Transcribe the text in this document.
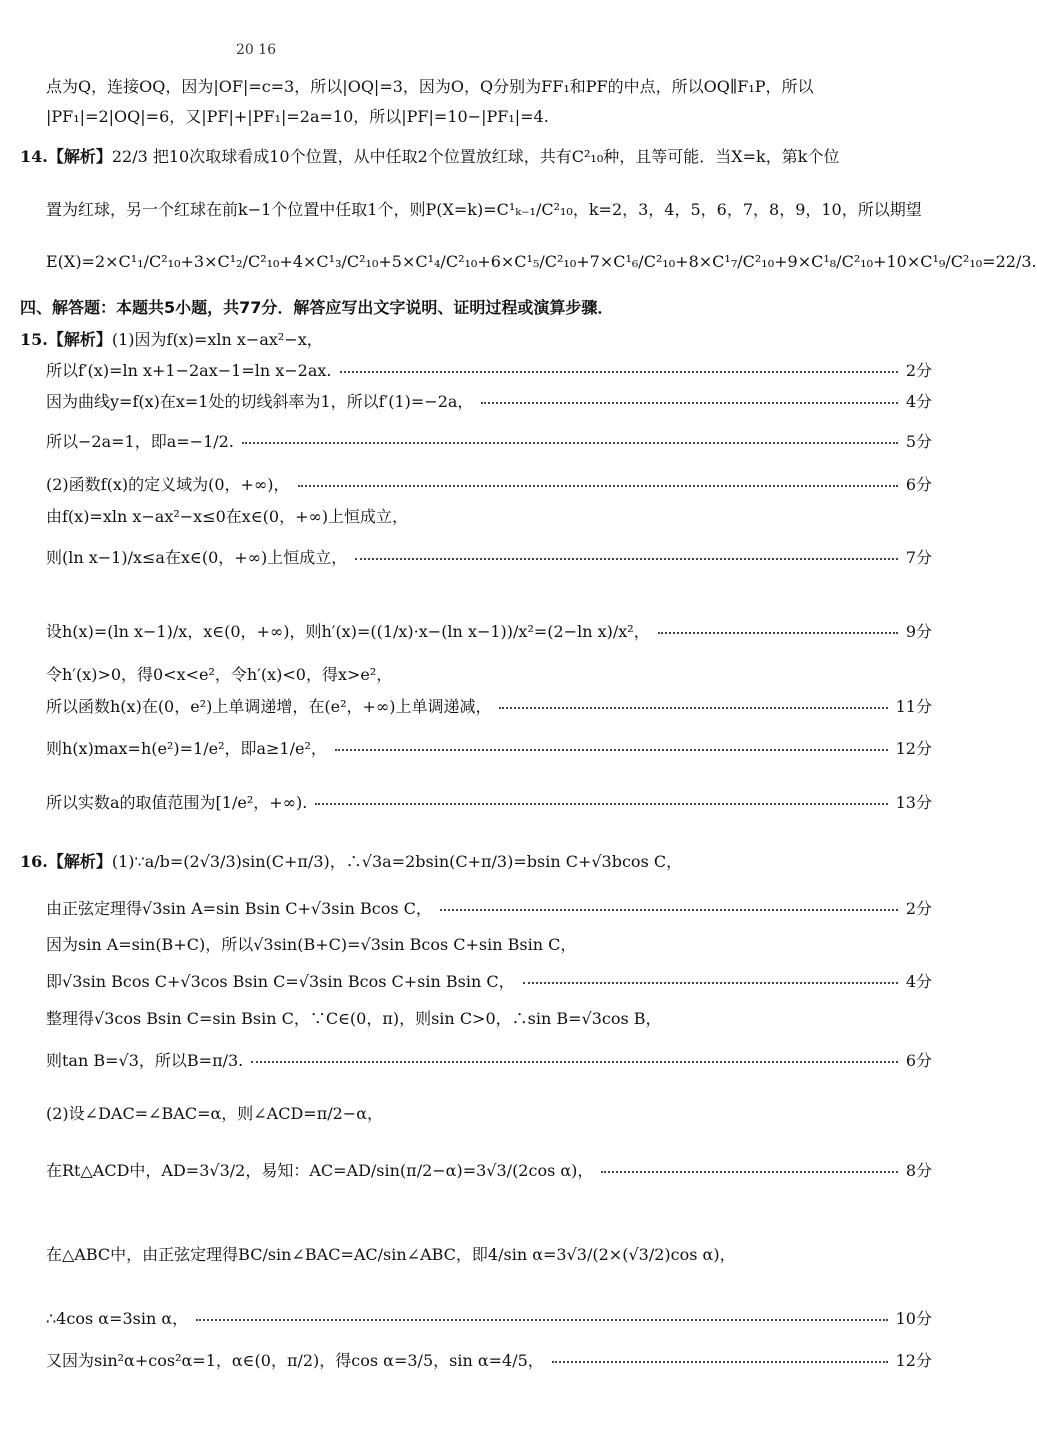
20 16
点为Q，连接OQ，因为|OF|=c=3，所以|OQ|=3，因为O，Q分别为FF₁和PF的中点，所以OQ∥F₁P，所以
|PF₁|=2|OQ|=6，又|PF|+|PF₁|=2a=10，所以|PF|=10−|PF₁|=4.
14.【解析】22/3 把10次取球看成10个位置，从中任取2个位置放红球，共有C²₁₀种，且等可能．当X=k，第k个位
置为红球，另一个红球在前k−1个位置中任取1个，则P(X=k)=C¹ₖ₋₁/C²₁₀，k=2，3，4，5，6，7，8，9，10，所以期望
E(X)=2×C¹₁/C²₁₀+3×C¹₂/C²₁₀+4×C¹₃/C²₁₀+5×C¹₄/C²₁₀+6×C¹₅/C²₁₀+7×C¹₆/C²₁₀+8×C¹₇/C²₁₀+9×C¹₈/C²₁₀+10×C¹₉/C²₁₀=22/3.
四、解答题：本题共5小题，共77分．解答应写出文字说明、证明过程或演算步骤．
15.【解析】(1)因为f(x)=xln x−ax²−x，
所以f′(x)=ln x+1−2ax−1=ln x−2ax.	2分
因为曲线y=f(x)在x=1处的切线斜率为1，所以f′(1)=−2a，	4分
所以−2a=1，即a=−1/2.	5分
(2)函数f(x)的定义域为(0，+∞)，	6分
由f(x)=xln x−ax²−x≤0在x∈(0，+∞)上恒成立，
则(ln x−1)/x≤a在x∈(0，+∞)上恒成立，	7分
设h(x)=(ln x−1)/x，x∈(0，+∞)，则h′(x)=((1/x)·x−(ln x−1))/x²=(2−ln x)/x²，	9分
令h′(x)>0，得0<x<e²，令h′(x)<0，得x>e²，
所以函数h(x)在(0，e²)上单调递增，在(e²，+∞)上单调递减，	11分
则h(x)max=h(e²)=1/e²，即a≥1/e²，	12分
所以实数a的取值范围为[1/e²，+∞).	13分
16.【解析】(1)∵a/b=(2√3/3)sin(C+π/3)，∴√3a=2bsin(C+π/3)=bsin C+√3bcos C，
由正弦定理得√3sin A=sin Bsin C+√3sin Bcos C，	2分
因为sin A=sin(B+C)，所以√3sin(B+C)=√3sin Bcos C+sin Bsin C，
即√3sin Bcos C+√3cos Bsin C=√3sin Bcos C+sin Bsin C，	4分
整理得√3cos Bsin C=sin Bsin C，∵C∈(0，π)，则sin C>0，∴sin B=√3cos B，
则tan B=√3，所以B=π/3.	6分
(2)设∠DAC=∠BAC=α，则∠ACD=π/2−α，
在Rt△ACD中，AD=3√3/2，易知：AC=AD/sin(π/2−α)=3√3/(2cos α)，	8分
在△ABC中，由正弦定理得BC/sin∠BAC=AC/sin∠ABC，即4/sin α=3√3/(2×(√3/2)cos α)，
∴4cos α=3sin α，	10分
又因为sin²α+cos²α=1，α∈(0，π/2)，得cos α=3/5，sin α=4/5，	12分
